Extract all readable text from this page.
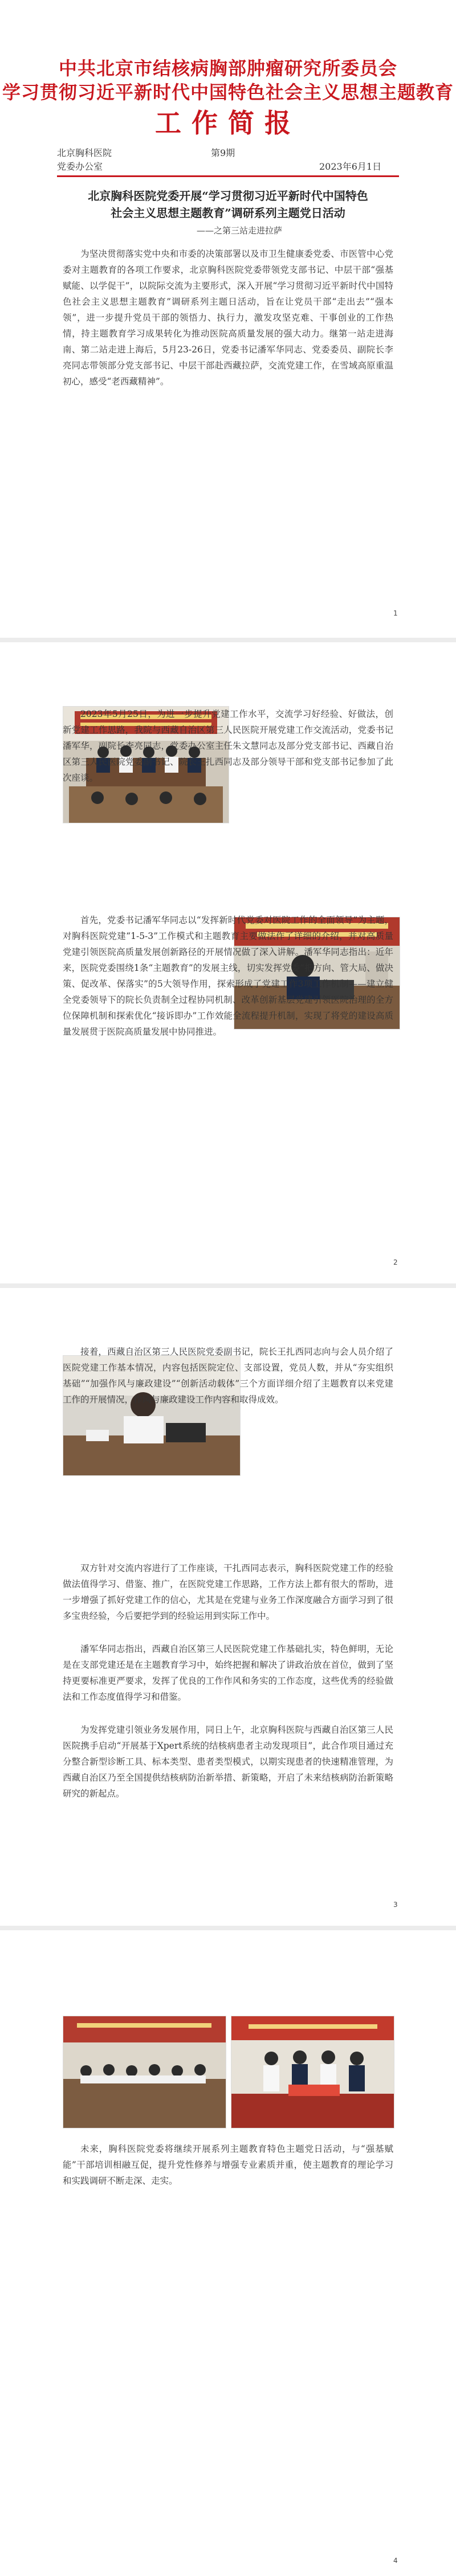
中共北京市结核病胸部肿瘤研究所委员会
学习贯彻习近平新时代中国特色社会主义思想主题教育
工作简报
北京胸科医院	第9期
党委办公室	2023年6月1日
北京胸科医院党委开展“学习贯彻习近平新时代中国特色
社会主义思想主题教育”调研系列主题党日活动
——之第三站走进拉萨
为坚决贯彻落实党中央和市委的决策部署以及市卫生健康委党委、市医管中心党委对主题教育的各项工作要求，北京胸科医院党委带领党支部书记、中层干部“强基赋能、以学促干”，以院际交流为主要形式，深入开展“学习贯彻习近平新时代中国特色社会主义思想主题教育”调研系列主题日活动，旨在让党员干部“走出去”“强本领”，进一步提升党员干部的领悟力、执行力，激发攻坚克难、干事创业的工作热情，持主题教育学习成果转化为推动医院高质量发展的强大动力。继第一站走进海南、第二站走进上海后，5月23-26日，党委书记潘军华同志、党委委员、副院长李亮同志带领部分党支部书记、中层干部赴西藏拉萨，交流党建工作，在雪域高原重温初心，感受“老西藏精神”。
1
2023年5月25日，为进一步提升党建工作水平，交流学习好经验、好做法，创新党建工作思路，我院与西藏自治区第三人民医院开展党建工作交流活动，党委书记潘军华，副院长李亮同志，党委办公室主任朱文慧同志及部分党支部书记、西藏自治区第三人民医院党委副书记、院长王扎西同志及部分领导干部和党支部书记参加了此次座谈。
首先，党委书记潘军华同志以“发挥新时代党委对医院工作的全面领导”为主题，对胸科医院党建“1-5-3”工作模式和主题教育主要做法作了详细的介绍，并对高质量党建引领医院高质量发展创新路径的开展情况做了深入讲解。潘军华同志指出：近年来，医院党委围绕1条“主题教育”的发展主线，切实发挥党委“把方向、管大局、做决策、促改革、保落实”的5大领导作用，探索形成了党建工作3项工作机制——建立健全党委领导下的院长负责制全过程协同机制、改革创新基层党建引领医院治理的全方位保障机制和探索优化“接诉即办”工作效能全流程提升机制，实现了将党的建设高质量发展贯于医院高质量发展中协同推进。
2
接着，西藏自治区第三人民医院党委副书记，院长王扎西同志向与会人员介绍了医院党建工作基本情况，内容包括医院定位、支部设置，党员人数，并从“夯实组织基础”“加强作风与廉政建设”“创新活动载体”三个方面详细介绍了主题教育以来党建工作的开展情况，作风与廉政建设工作内容和取得成效。
双方针对交流内容进行了工作座谈，干扎西同志表示，胸科医院党建工作的经验做法值得学习、借鉴、推广，在医院党建工作思路，工作方法上都有很大的帮助，进一步增强了抓好党建工作的信心，尤其是在党建与业务工作深度融合方面学习到了很多宝贵经验，今后要把学到的经验运用到实际工作中。
潘军华同志指出，西藏自治区第三人民医院党建工作基础扎实，特色鲜明，无论是在支部党建还是在主题教育学习中，始终把握和解决了讲政治放在首位，做到了坚持更要标准更严要求，发挥了优良的工作作风和务实的工作态度，这些优秀的经验做法和工作态度值得学习和借鉴。
为发挥党建引领业务发展作用，同日上午，北京胸科医院与西藏自治区第三人民医院携手启动“开展基于Xpert系统的结核病患者主动发现项目”，此合作项目通过充分整合新型诊断工具、标本类型、患者类型模式，以期实现患者的快速精准管理，为西藏自治区乃至全国提供结核病防治新举措、新策略，开启了未来结核病防治新策略研究的新起点。
3
未来，胸科医院党委将继续开展系列主题教育特色主题党日活动，与“强基赋能”干部培训相融互促，提升党性修养与增强专业素质并重，使主题教育的理论学习和实践调研不断走深、走实。
4
